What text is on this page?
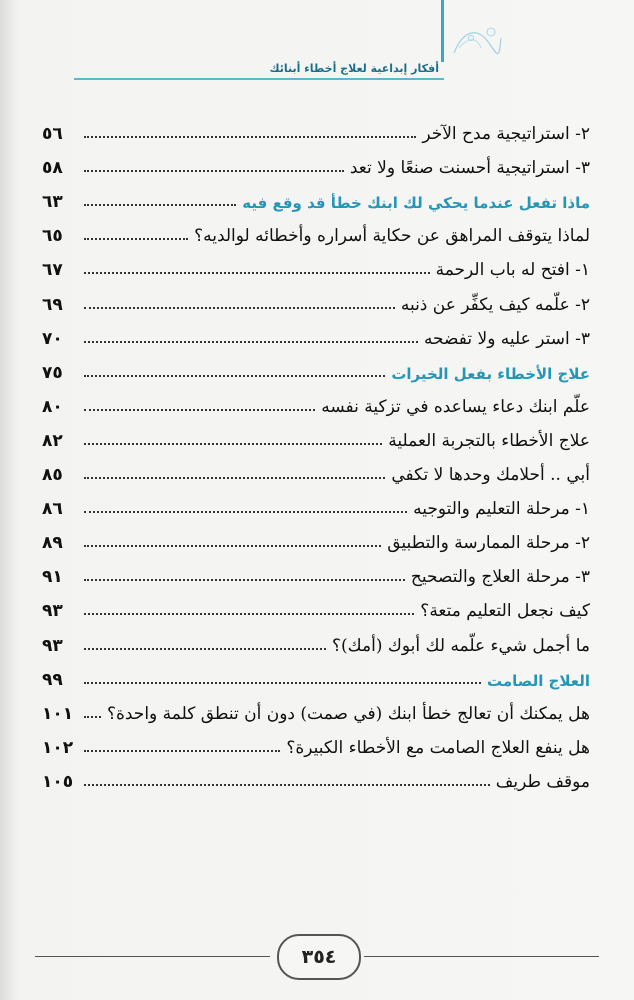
أفكار إبداعية لعلاج أخطاء أبنائك
٢- استراتيجية مدح الآخر
٥٦
٣- استراتيجية أحسنت صنعًا ولا تعد
٥٨
ماذا تفعل عندما يحكي لك ابنك خطأ قد وقع فيه
٦٣
لماذا يتوقف المراهق عن حكاية أسراره وأخطائه لوالديه؟
٦٥
١- افتح له باب الرحمة
٦٧
٢- علّمه كيف يكفِّر عن ذنبه
٦٩
٣- استر عليه ولا تفضحه
٧٠
علاج الأخطاء بفعل الخيرات
٧٥
علّم ابنك دعاء يساعده في تزكية نفسه
٨٠
علاج الأخطاء بالتجربة العملية
٨٢
أبي .. أحلامك وحدها لا تكفي
٨٥
١- مرحلة التعليم والتوجيه
٨٦
٢- مرحلة الممارسة والتطبيق
٨٩
٣- مرحلة العلاج والتصحيح
٩١
كيف نجعل التعليم متعة؟
٩٣
ما أجمل شيء علّمه لك أبوك (أمك)؟
٩٣
العلاج الصامت
٩٩
هل يمكنك أن تعالج خطأ ابنك (في صمت) دون أن تنطق كلمة واحدة؟
١٠١
هل ينفع العلاج الصامت مع الأخطاء الكبيرة؟
١٠٢
موقف طريف
١٠٥
٣٥٤
